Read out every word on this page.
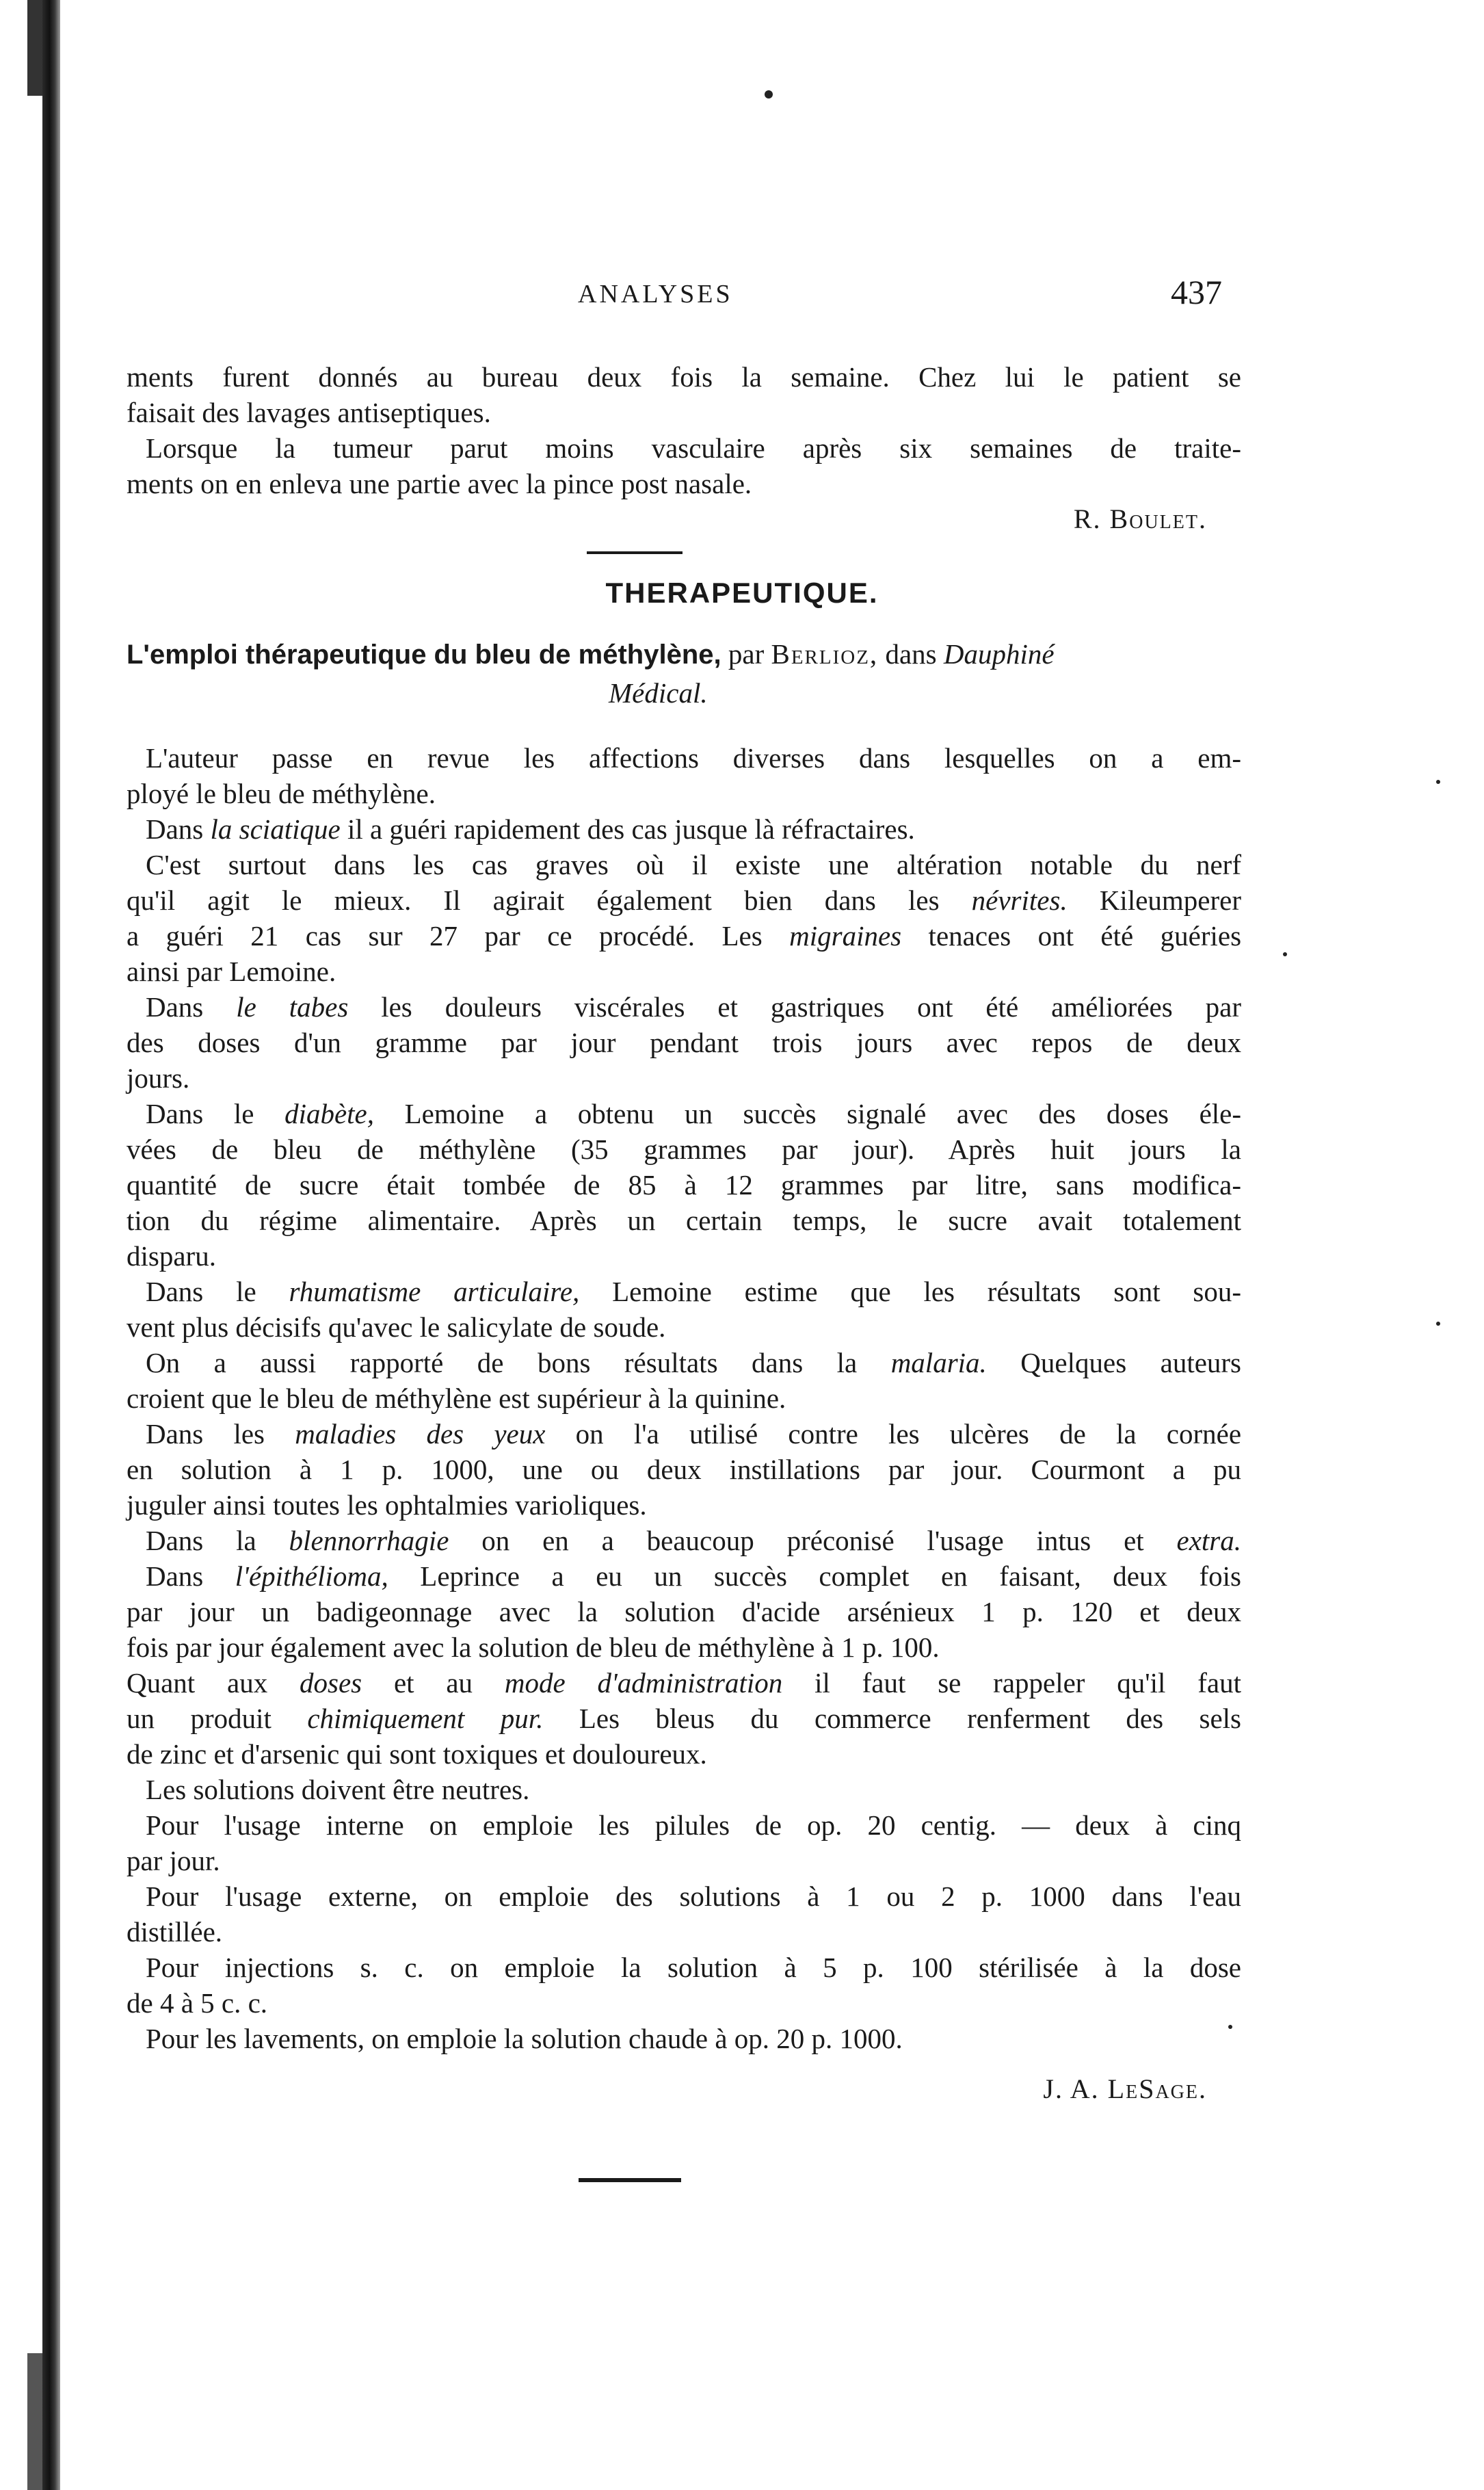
ANALYSES	437
ments furent donnés au bureau deux fois la semaine. Chez lui le patient se
faisait des lavages antiseptiques.
Lorsque la tumeur parut moins vasculaire après six semaines de traite-
ments on en enleva une partie avec la pince post nasale.
R. Boulet.
THERAPEUTIQUE.
L'emploi thérapeutique du bleu de méthylène, par Berlioz, dans Dauphiné
Médical.
L'auteur passe en revue les affections diverses dans lesquelles on a em-
ployé le bleu de méthylène.
Dans la sciatique il a guéri rapidement des cas jusque là réfractaires.
C'est surtout dans les cas graves où il existe une altération notable du nerf
qu'il agit le mieux. Il agirait également bien dans les névrites. Kileumperer
a guéri 21 cas sur 27 par ce procédé. Les migraines tenaces ont été guéries
ainsi par Lemoine.
Dans le tabes les douleurs viscérales et gastriques ont été améliorées par
des doses d'un gramme par jour pendant trois jours avec repos de deux
jours.
Dans le diabète, Lemoine a obtenu un succès signalé avec des doses éle-
vées de bleu de méthylène (35 grammes par jour). Après huit jours la
quantité de sucre était tombée de 85 à 12 grammes par litre, sans modifica-
tion du régime alimentaire. Après un certain temps, le sucre avait totalement
disparu.
Dans le rhumatisme articulaire, Lemoine estime que les résultats sont sou-
vent plus décisifs qu'avec le salicylate de soude.
On a aussi rapporté de bons résultats dans la malaria. Quelques auteurs
croient que le bleu de méthylène est supérieur à la quinine.
Dans les maladies des yeux on l'a utilisé contre les ulcères de la cornée
en solution à 1 p. 1000, une ou deux instillations par jour. Courmont a pu
juguler ainsi toutes les ophtalmies varioliques.
Dans la blennorrhagie on en a beaucoup préconisé l'usage intus et extra.
Dans l'épithélioma, Leprince a eu un succès complet en faisant, deux fois
par jour un badigeonnage avec la solution d'acide arsénieux 1 p. 120 et deux
fois par jour également avec la solution de bleu de méthylène à 1 p. 100.
Quant aux doses et au mode d'administration il faut se rappeler qu'il faut
un produit chimiquement pur. Les bleus du commerce renferment des sels
de zinc et d'arsenic qui sont toxiques et douloureux.
Les solutions doivent être neutres.
Pour l'usage interne on emploie les pilules de op. 20 centig. — deux à cinq
par jour.
Pour l'usage externe, on emploie des solutions à 1 ou 2 p. 1000 dans l'eau
distillée.
Pour injections s. c. on emploie la solution à 5 p. 100 stérilisée à la dose
de 4 à 5 c. c.
Pour les lavements, on emploie la solution chaude à op. 20 p. 1000.
J. A. LeSage.
